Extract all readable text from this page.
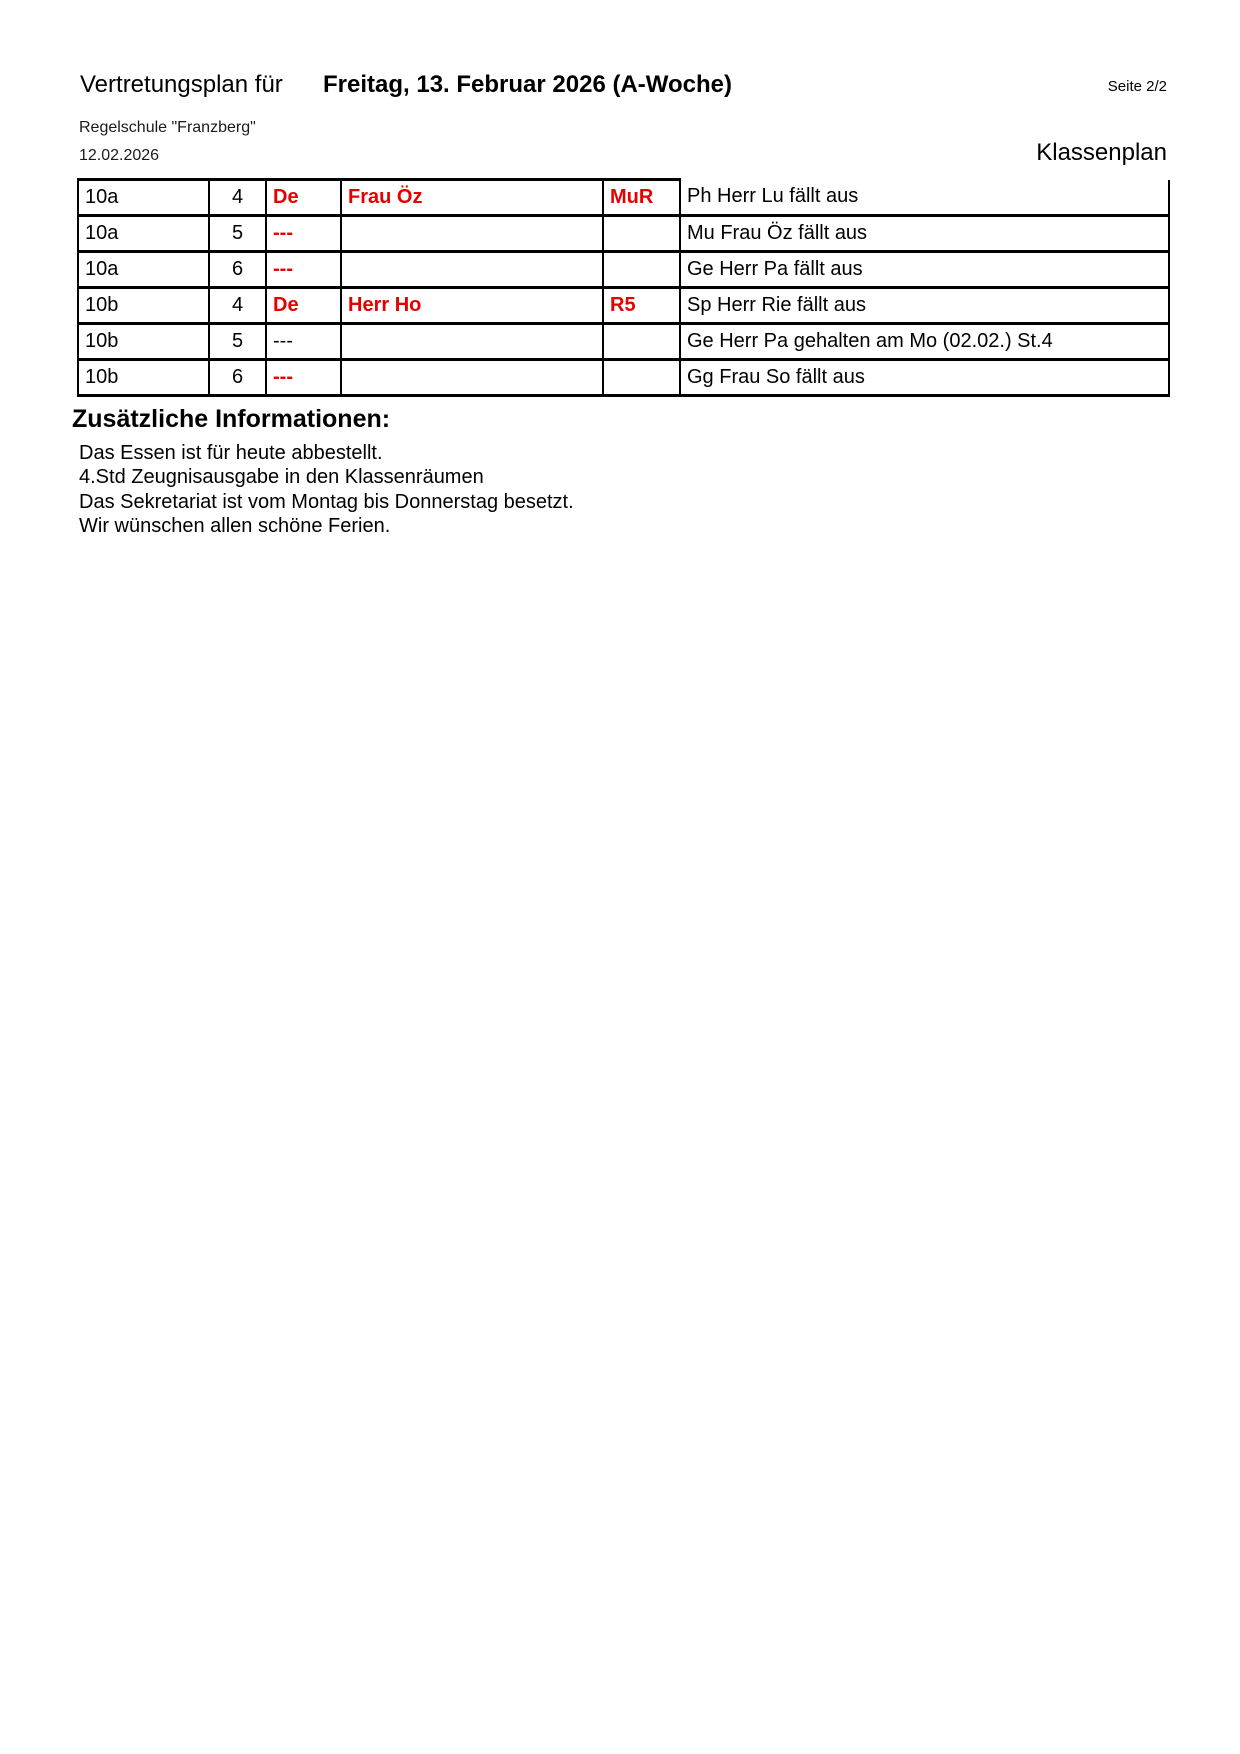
Vertretungsplan für Freitag, 13. Februar 2026 (A-Woche)	Seite 2/2
Regelschule "Franzberg"
12.02.2026	Klassenplan
10a	4	De	Frau Öz	MuR	Ph Herr Lu fällt aus
10a	5	---			Mu Frau Öz fällt aus
10a	6	---			Ge Herr Pa fällt aus
10b	4	De	Herr Ho	R5	Sp Herr Rie fällt aus
10b	5	---			Ge Herr Pa gehalten am Mo (02.02.) St.4
10b	6	---			Gg Frau So fällt aus
Zusätzliche Informationen:
Das Essen ist für heute abbestellt.
4.Std Zeugnisausgabe in den Klassenräumen
Das Sekretariat ist vom Montag bis Donnerstag besetzt.
Wir wünschen allen schöne Ferien.
